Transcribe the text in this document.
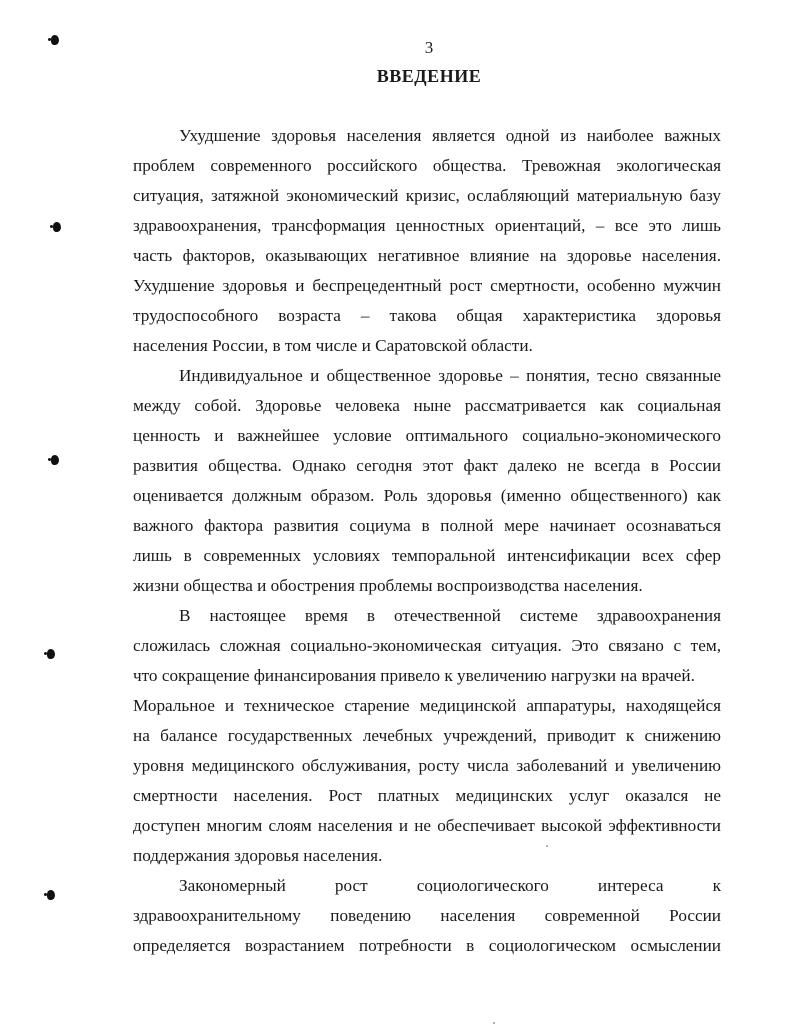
3
ВВЕДЕНИЕ
Ухудшение здоровья населения является одной из наиболее важных
проблем современного российского общества. Тревожная экологическая
ситуация, затяжной экономический кризис, ослабляющий материальную базу
здравоохранения, трансформация ценностных ориентаций, – все это лишь
часть факторов, оказывающих негативное влияние на здоровье населения.
Ухудшение здоровья и беспрецедентный рост смертности, особенно мужчин
трудоспособного возраста – такова общая характеристика здоровья
населения России, в том числе и Саратовской области.
Индивидуальное и общественное здоровье – понятия, тесно связанные
между собой. Здоровье человека ныне рассматривается как социальная
ценность и важнейшее условие оптимального социально-экономического
развития общества. Однако сегодня этот факт далеко не всегда в России
оценивается должным образом. Роль здоровья (именно общественного) как
важного фактора развития социума в полной мере начинает осознаваться
лишь в современных условиях темпоральной интенсификации всех сфер
жизни общества и обострения проблемы воспроизводства населения.
В настоящее время в отечественной системе здравоохранения
сложилась сложная социально-экономическая ситуация. Это связано с тем,
что сокращение финансирования привело к увеличению нагрузки на врачей.
Моральное и техническое старение медицинской аппаратуры, находящейся
на балансе государственных лечебных учреждений, приводит к снижению
уровня медицинского обслуживания, росту числа заболеваний и увеличению
смертности населения. Рост платных медицинских услуг оказался не
доступен многим слоям населения и не обеспечивает высокой эффективности
поддержания здоровья населения.
Закономерный рост социологического интереса к
здравоохранительному поведению населения современной России
определяется возрастанием потребности в социологическом осмыслении
